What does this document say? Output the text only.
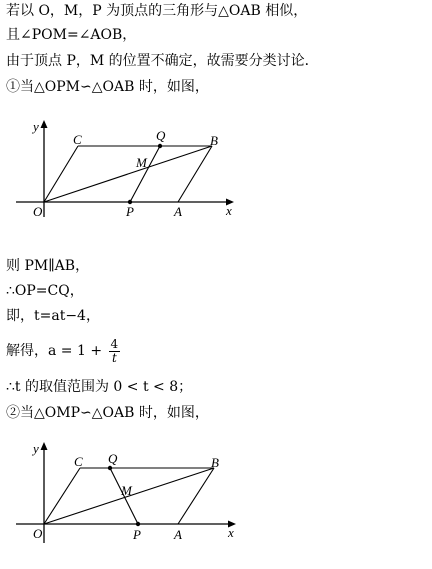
若以 O，M，P 为顶点的三角形与△OAB 相似，
且∠POM=∠AOB，
由于顶点 P，M 的位置不确定，故需要分类讨论．
①当△OPM∽△OAB 时，如图，
y
x
O
C	Q	B
M
P	A
则 PM∥AB，
∴OP=CQ，
即，t=at−4，
解得，$a = 1 + \frac{4}{t}$
∴t 的取值范围为 0 < t < 8；
②当△OMP∽△OAB 时，如图，
y
x
O
C Q	B
M
P	A
